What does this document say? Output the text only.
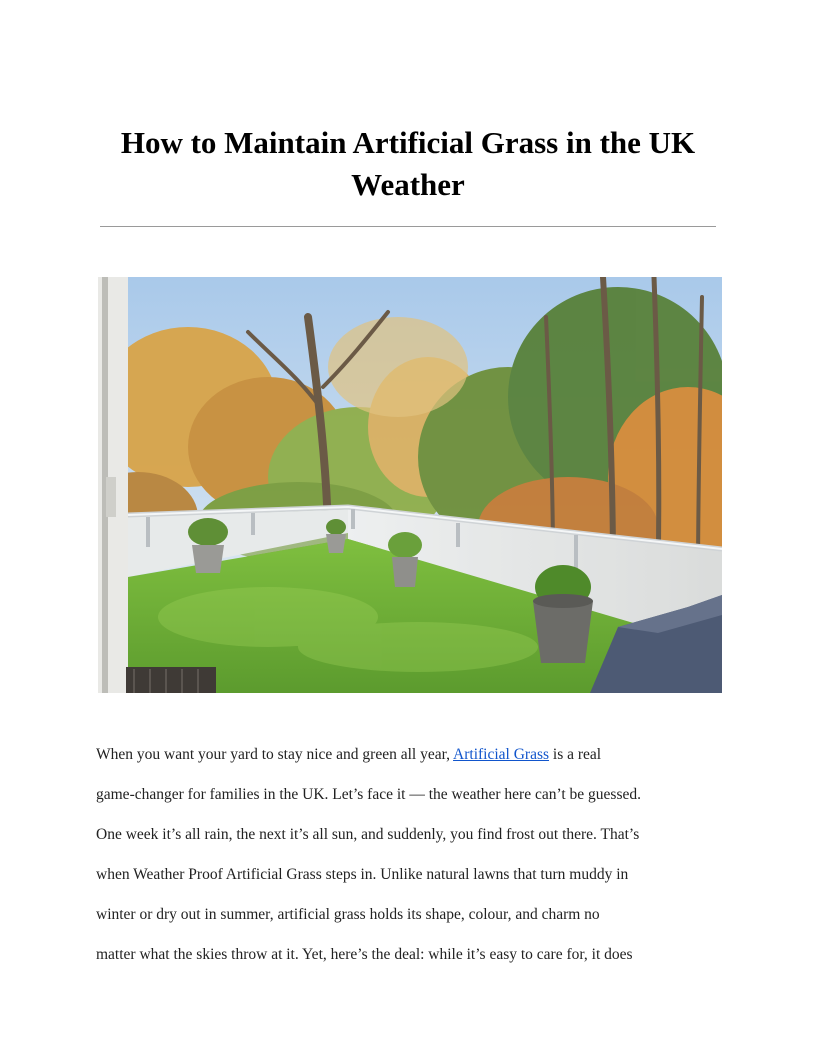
How to Maintain Artificial Grass in the UK
Weather

When you want your yard to stay nice and green all year, Artificial Grass is a real
game-changer for families in the UK. Let’s face it — the weather here can’t be guessed.
One week it’s all rain, the next it’s all sun, and suddenly, you find frost out there. That’s
when Weather Proof Artificial Grass steps in. Unlike natural lawns that turn muddy in
winter or dry out in summer, artificial grass holds its shape, colour, and charm no
matter what the skies throw at it. Yet, here’s the deal: while it’s easy to care for, it does
